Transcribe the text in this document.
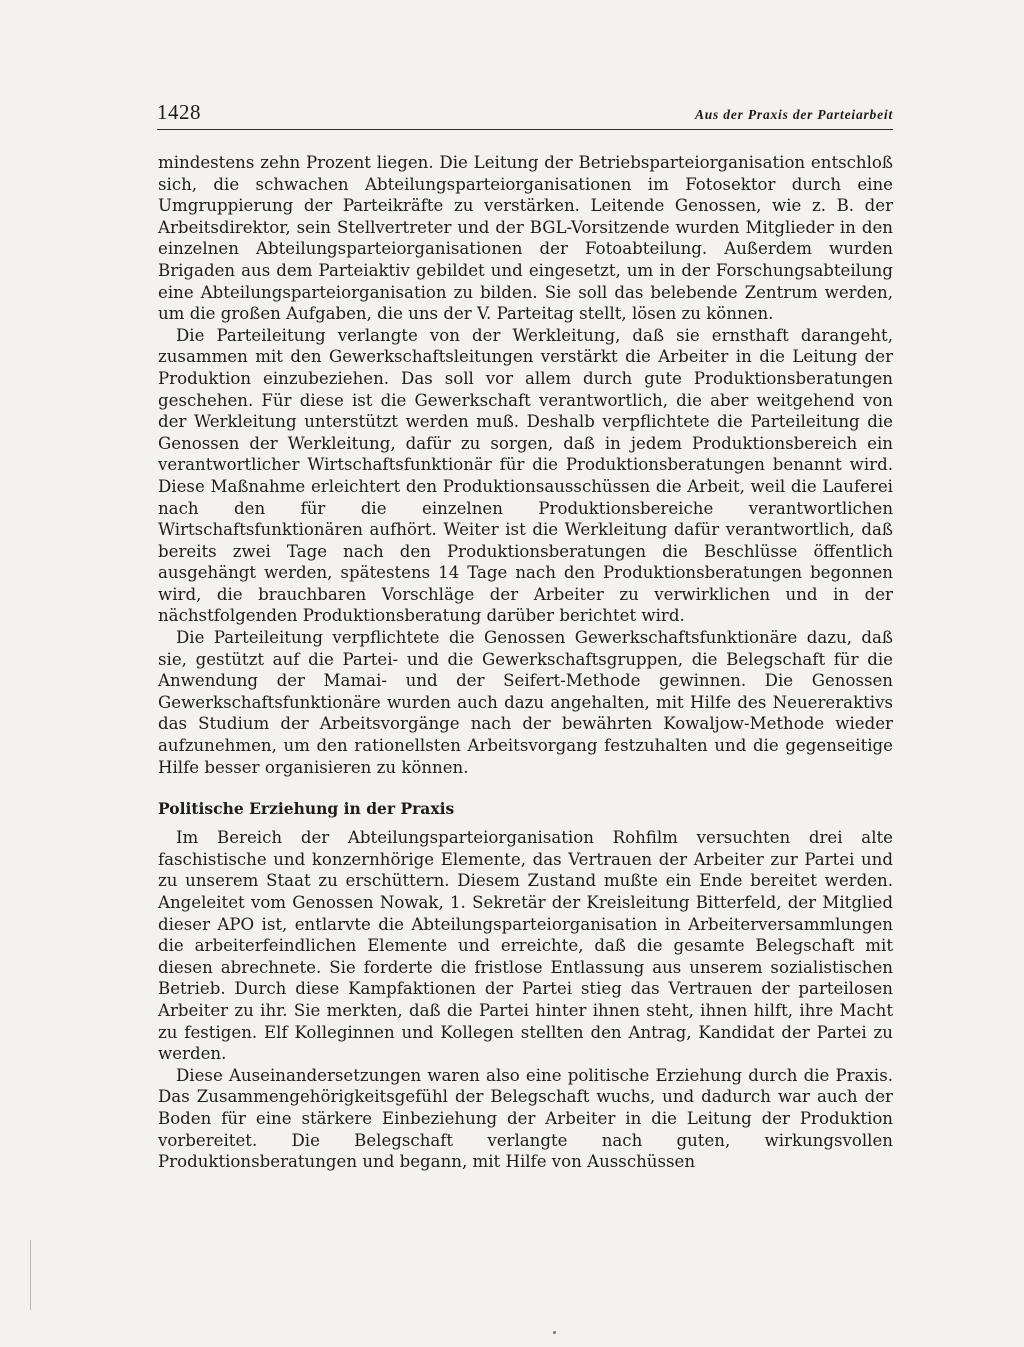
1428	Aus der Praxis der Parteiarbeit

mindestens zehn Prozent liegen. Die Leitung der Betriebsparteiorganisation entschloß sich, die schwachen Abteilungsparteiorganisationen im Fotosektor durch eine Umgruppierung der Parteikräfte zu verstärken. Leitende Genossen, wie z. B. der Arbeitsdirektor, sein Stellvertreter und der BGL-Vorsitzende wurden Mitglieder in den einzelnen Abteilungsparteiorganisationen der Fotoabteilung. Außerdem wurden Brigaden aus dem Parteiaktiv gebildet und eingesetzt, um in der Forschungsabteilung eine Abteilungsparteiorganisation zu bilden. Sie soll das belebende Zentrum werden, um die großen Aufgaben, die uns der V. Parteitag stellt, lösen zu können.

Die Parteileitung verlangte von der Werkleitung, daß sie ernsthaft darangeht, zusammen mit den Gewerkschaftsleitungen verstärkt die Arbeiter in die Leitung der Produktion einzubeziehen. Das soll vor allem durch gute Produktionsberatungen geschehen. Für diese ist die Gewerkschaft verantwortlich, die aber weitgehend von der Werkleitung unterstützt werden muß. Deshalb verpflichtete die Parteileitung die Genossen der Werkleitung, dafür zu sorgen, daß in jedem Produktionsbereich ein verantwortlicher Wirtschaftsfunktionär für die Produktionsberatungen benannt wird. Diese Maßnahme erleichtert den Produktionsausschüssen die Arbeit, weil die Lauferei nach den für die einzelnen Produktionsbereiche verantwortlichen Wirtschaftsfunktionären aufhört. Weiter ist die Werkleitung dafür verantwortlich, daß bereits zwei Tage nach den Produktionsberatungen die Beschlüsse öffentlich ausgehängt werden, spätestens 14 Tage nach den Produktionsberatungen begonnen wird, die brauchbaren Vorschläge der Arbeiter zu verwirklichen und in der nächstfolgenden Produktionsberatung darüber berichtet wird.

Die Parteileitung verpflichtete die Genossen Gewerkschaftsfunktionäre dazu, daß sie, gestützt auf die Partei- und die Gewerkschaftsgruppen, die Belegschaft für die Anwendung der Mamai- und der Seifert-Methode gewinnen. Die Genossen Gewerkschaftsfunktionäre wurden auch dazu angehalten, mit Hilfe des Neuereraktivs das Studium der Arbeitsvorgänge nach der bewährten Kowaljow-Methode wieder aufzunehmen, um den rationellsten Arbeitsvorgang festzuhalten und die gegenseitige Hilfe besser organisieren zu können.

Politische Erziehung in der Praxis

Im Bereich der Abteilungsparteiorganisation Rohfilm versuchten drei alte faschistische und konzernhörige Elemente, das Vertrauen der Arbeiter zur Partei und zu unserem Staat zu erschüttern. Diesem Zustand mußte ein Ende bereitet werden. Angeleitet vom Genossen Nowak, 1. Sekretär der Kreisleitung Bitterfeld, der Mitglied dieser APO ist, entlarvte die Abteilungsparteiorganisation in Arbeiterversammlungen die arbeiterfeindlichen Elemente und erreichte, daß die gesamte Belegschaft mit diesen abrechnete. Sie forderte die fristlose Entlassung aus unserem sozialistischen Betrieb. Durch diese Kampfaktionen der Partei stieg das Vertrauen der parteilosen Arbeiter zu ihr. Sie merkten, daß die Partei hinter ihnen steht, ihnen hilft, ihre Macht zu festigen. Elf Kolleginnen und Kollegen stellten den Antrag, Kandidat der Partei zu werden.

Diese Auseinandersetzungen waren also eine politische Erziehung durch die Praxis. Das Zusammengehörigkeitsgefühl der Belegschaft wuchs, und dadurch war auch der Boden für eine stärkere Einbeziehung der Arbeiter in die Leitung der Produktion vorbereitet. Die Belegschaft verlangte nach guten, wirkungsvollen Produktionsberatungen und begann, mit Hilfe von Ausschüssen
